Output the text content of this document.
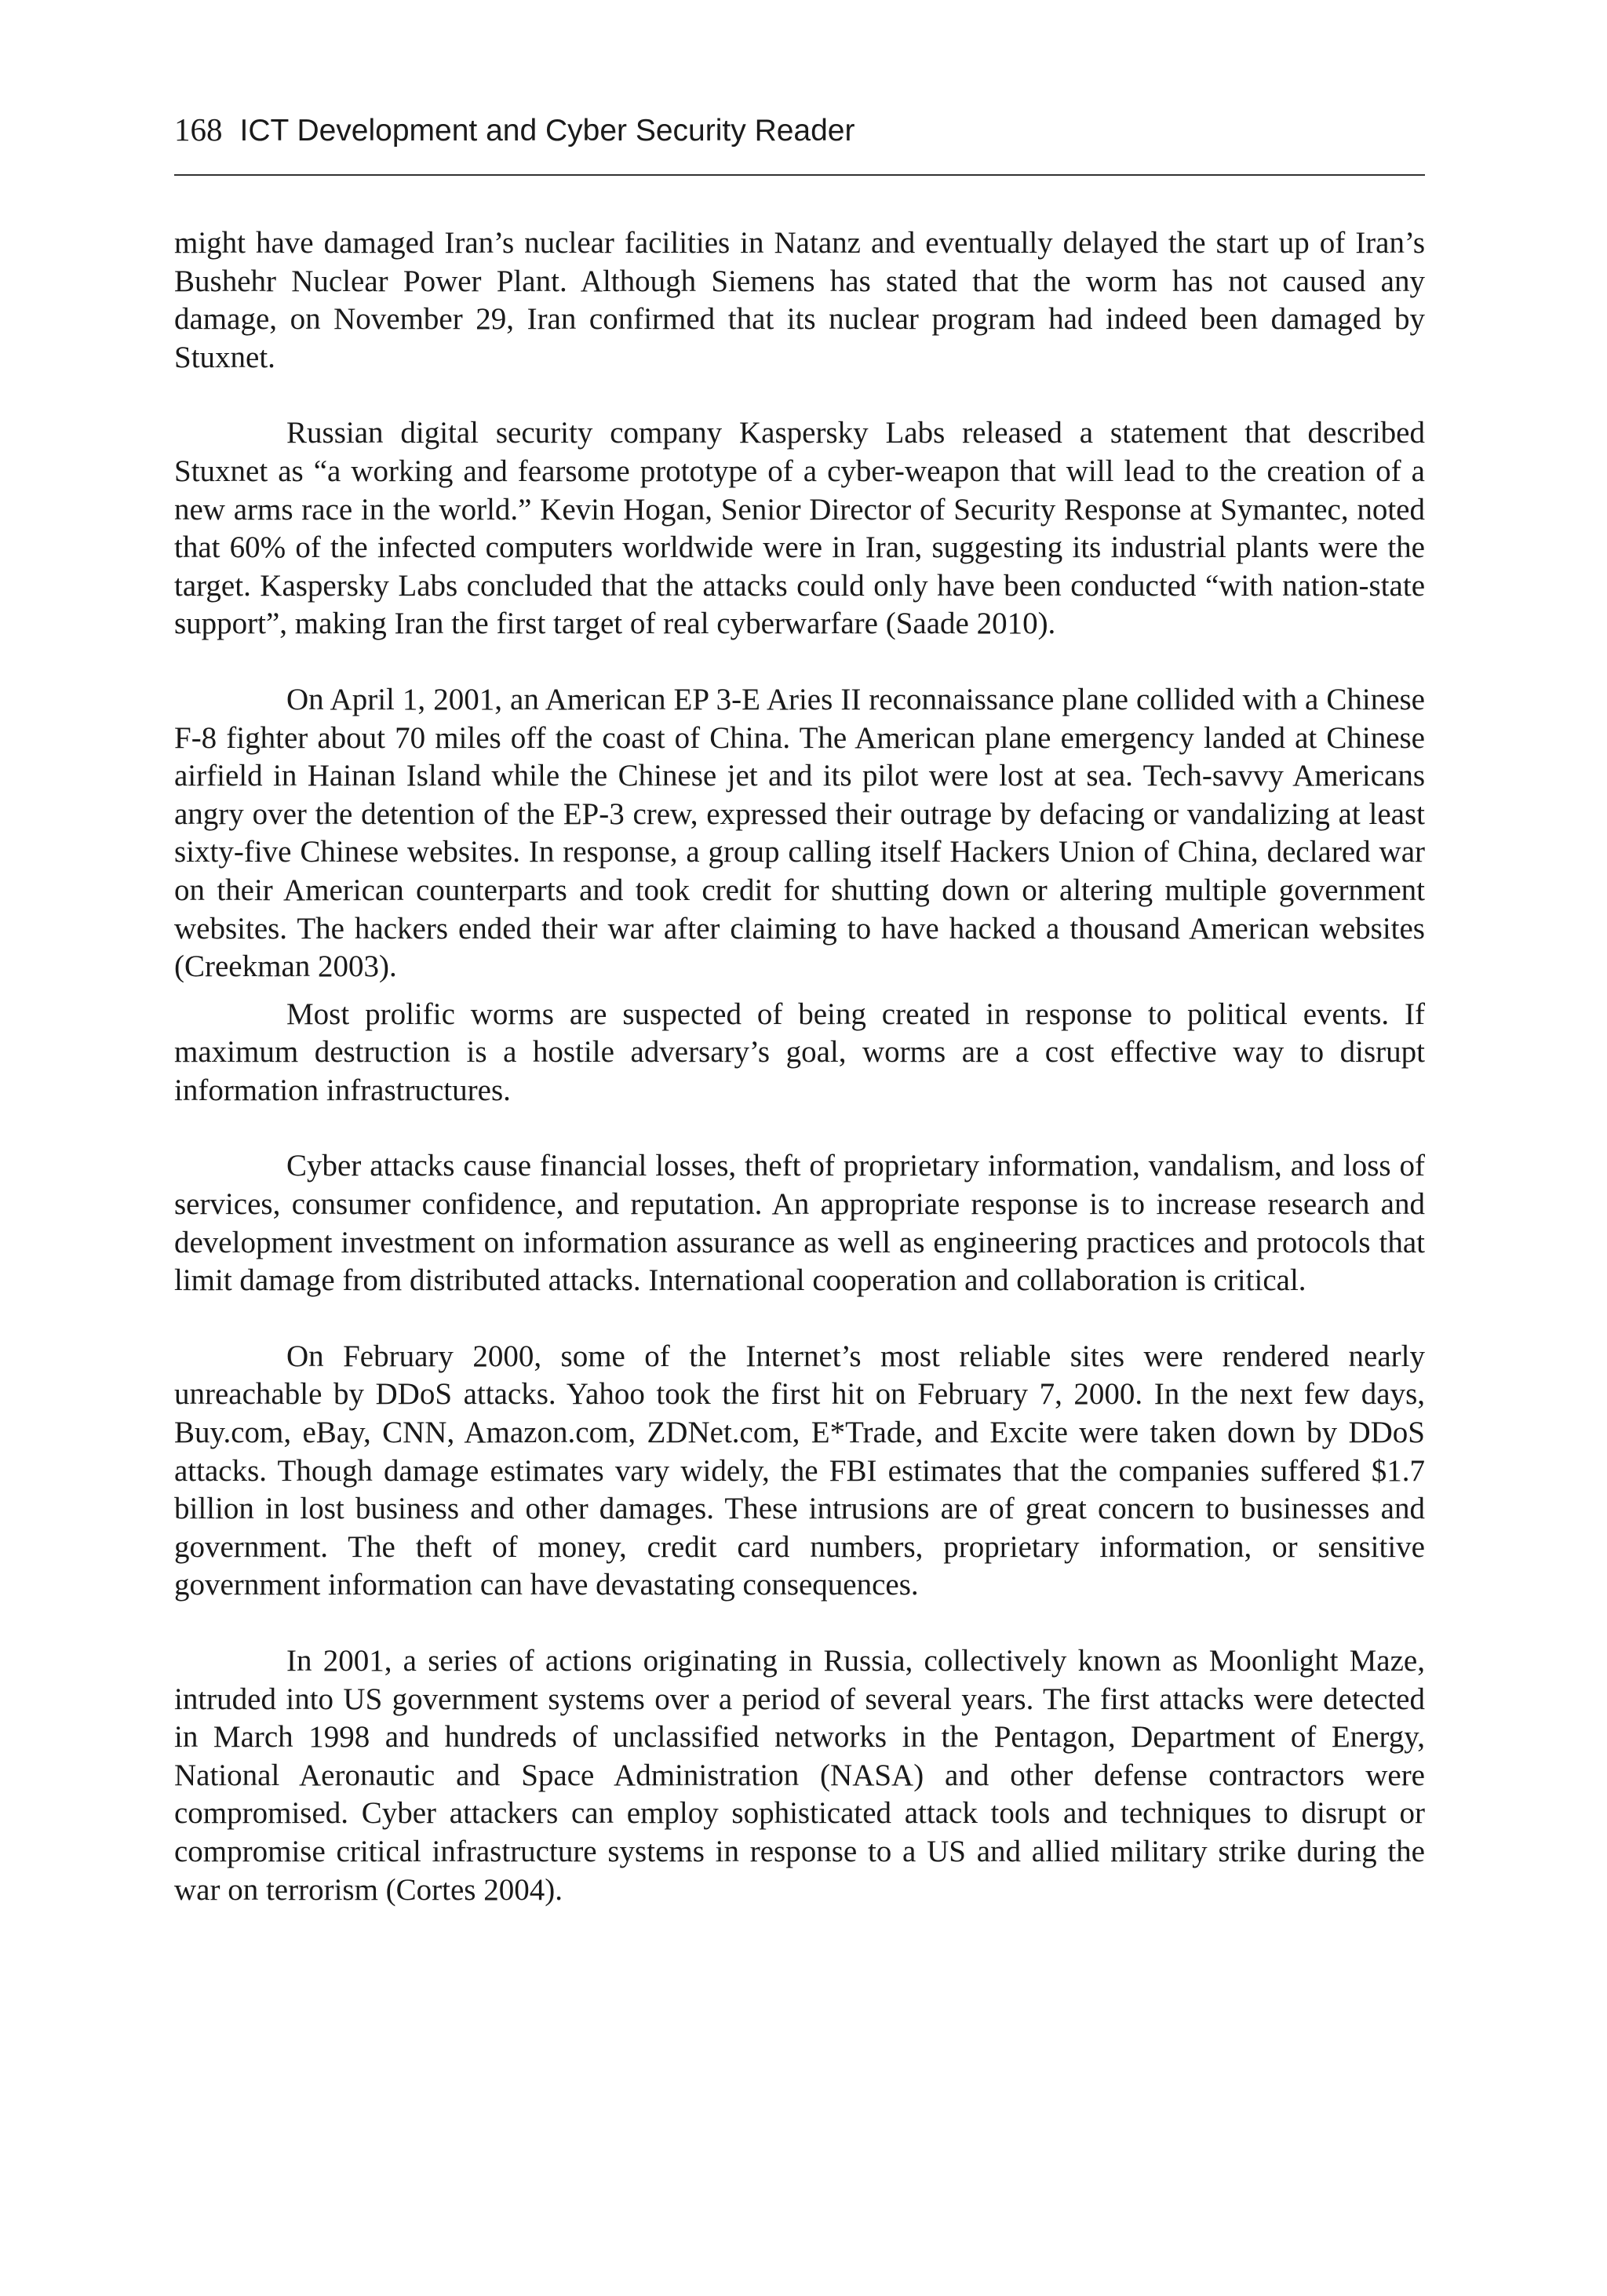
168 ICT Development and Cyber Security Reader

might have damaged Iran’s nuclear facilities in Natanz and eventually delayed the start up of Iran’s Bushehr Nuclear Power Plant. Although Siemens has stated that the worm has not caused any damage, on November 29, Iran confirmed that its nuclear program had indeed been damaged by Stuxnet.

Russian digital security company Kaspersky Labs released a statement that described Stuxnet as “a working and fearsome prototype of a cyber-weapon that will lead to the creation of a new arms race in the world.” Kevin Hogan, Senior Director of Security Response at Symantec, noted that 60% of the infected computers worldwide were in Iran, suggesting its industrial plants were the target. Kaspersky Labs concluded that the attacks could only have been conducted “with nation-state support”, making Iran the first target of real cyberwarfare (Saade 2010).

On April 1, 2001, an American EP 3-E Aries II reconnaissance plane collided with a Chinese F-8 fighter about 70 miles off the coast of China. The American plane emergency landed at Chinese airfield in Hainan Island while the Chinese jet and its pilot were lost at sea. Tech-savvy Americans angry over the detention of the EP-3 crew, expressed their outrage by defacing or vandalizing at least sixty-five Chinese websites. In response, a group calling itself Hackers Union of China, declared war on their American counterparts and took credit for shutting down or altering multiple government websites. The hackers ended their war after claiming to have hacked a thousand American websites (Creekman 2003).

Most prolific worms are suspected of being created in response to political events. If maximum destruction is a hostile adversary’s goal, worms are a cost effective way to disrupt information infrastructures.

Cyber attacks cause financial losses, theft of proprietary information, vandalism, and loss of services, consumer confidence, and reputation. An appropriate response is to increase research and development investment on information assurance as well as engineering practices and protocols that limit damage from distributed attacks. International cooperation and collaboration is critical.

On February 2000, some of the Internet’s most reliable sites were rendered nearly unreachable by DDoS attacks. Yahoo took the first hit on February 7, 2000. In the next few days, Buy.com, eBay, CNN, Amazon.com, ZDNet.com, E*Trade, and Excite were taken down by DDoS attacks. Though damage estimates vary widely, the FBI estimates that the companies suffered $1.7 billion in lost business and other damages. These intrusions are of great concern to businesses and government. The theft of money, credit card numbers, proprietary information, or sensitive government information can have devastating consequences.

In 2001, a series of actions originating in Russia, collectively known as Moonlight Maze, intruded into US government systems over a period of several years. The first attacks were detected in March 1998 and hundreds of unclassified networks in the Pentagon, Department of Energy, National Aeronautic and Space Administration (NASA) and other defense contractors were compromised. Cyber attackers can employ sophisticated attack tools and techniques to disrupt or compromise critical infrastructure systems in response to a US and allied military strike during the war on terrorism (Cortes 2004).
